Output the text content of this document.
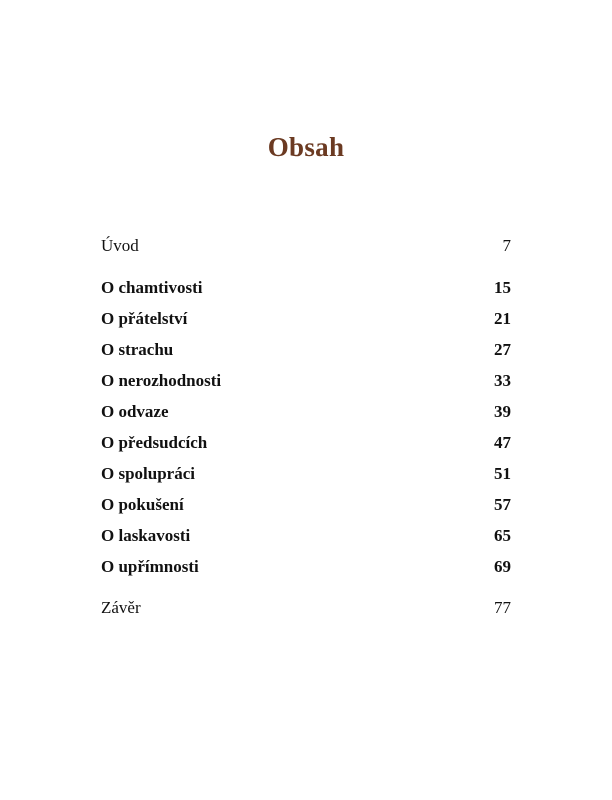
Obsah
Úvod	7
O chamtivosti	15
O přátelství	21
O strachu	27
O nerozhodnosti	33
O odvaze	39
O předsudcích	47
O spolupráci	51
O pokušení	57
O laskavosti	65
O upřímnosti	69
Závěr	77
